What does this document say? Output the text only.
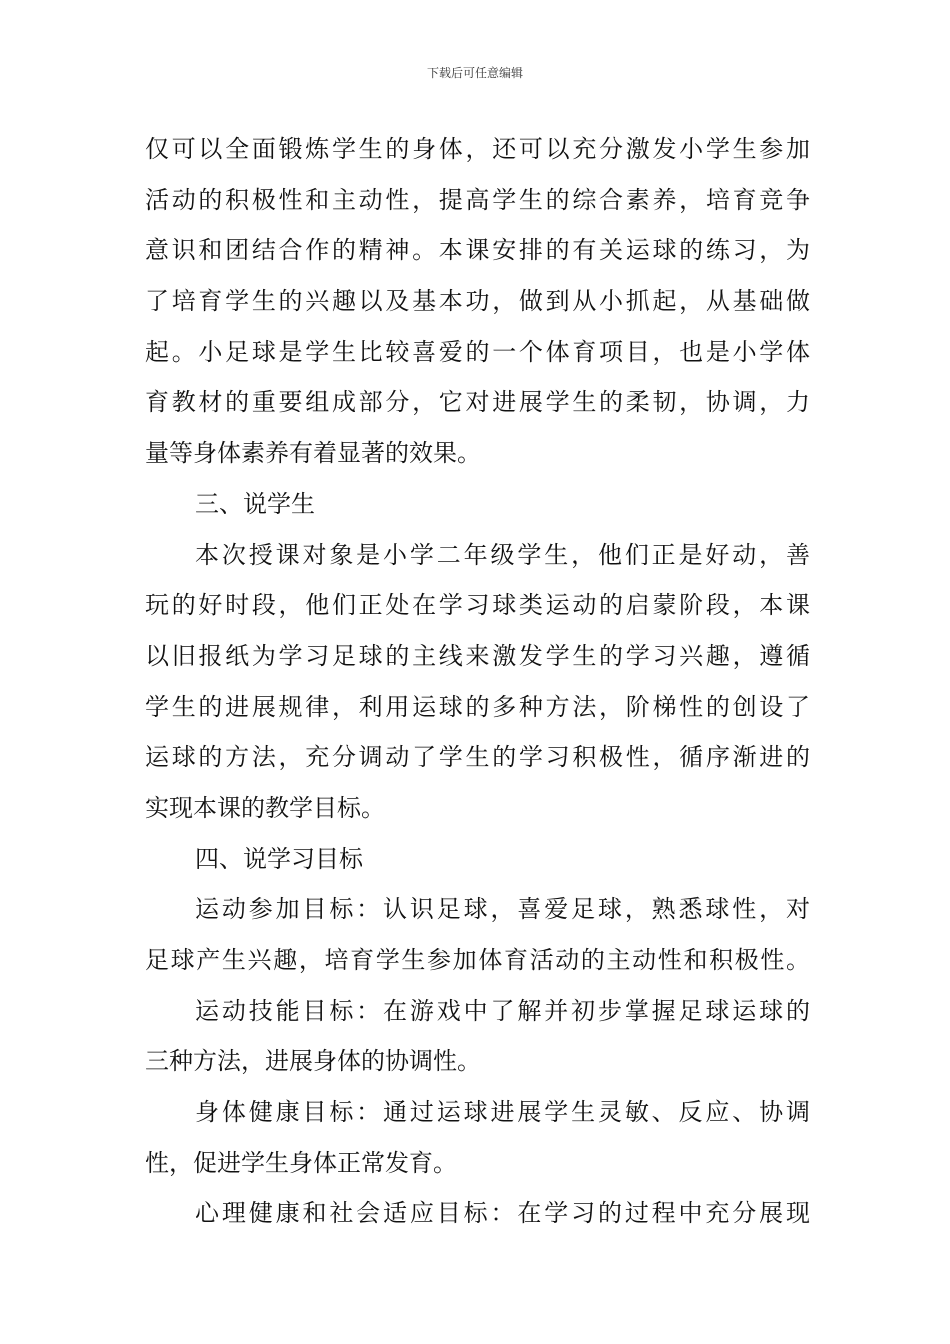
下载后可任意编辑
仅可以全面锻炼学生的身体，还可以充分激发小学生参加
活动的积极性和主动性，提高学生的综合素养，培育竞争
意识和团结合作的精神。本课安排的有关运球的练习，为
了培育学生的兴趣以及基本功，做到从小抓起，从基础做
起。小足球是学生比较喜爱的一个体育项目，也是小学体
育教材的重要组成部分，它对进展学生的柔韧，协调，力
量等身体素养有着显著的效果。
三、说学生
本次授课对象是小学二年级学生，他们正是好动，善
玩的好时段，他们正处在学习球类运动的启蒙阶段，本课
以旧报纸为学习足球的主线来激发学生的学习兴趣，遵循
学生的进展规律，利用运球的多种方法，阶梯性的创设了
运球的方法，充分调动了学生的学习积极性，循序渐进的
实现本课的教学目标。
四、说学习目标
运动参加目标：认识足球，喜爱足球，熟悉球性，对
足球产生兴趣，培育学生参加体育活动的主动性和积极性。
运动技能目标：在游戏中了解并初步掌握足球运球的
三种方法，进展身体的协调性。
身体健康目标：通过运球进展学生灵敏、反应、协调
性，促进学生身体正常发育。
心理健康和社会适应目标：在学习的过程中充分展现
